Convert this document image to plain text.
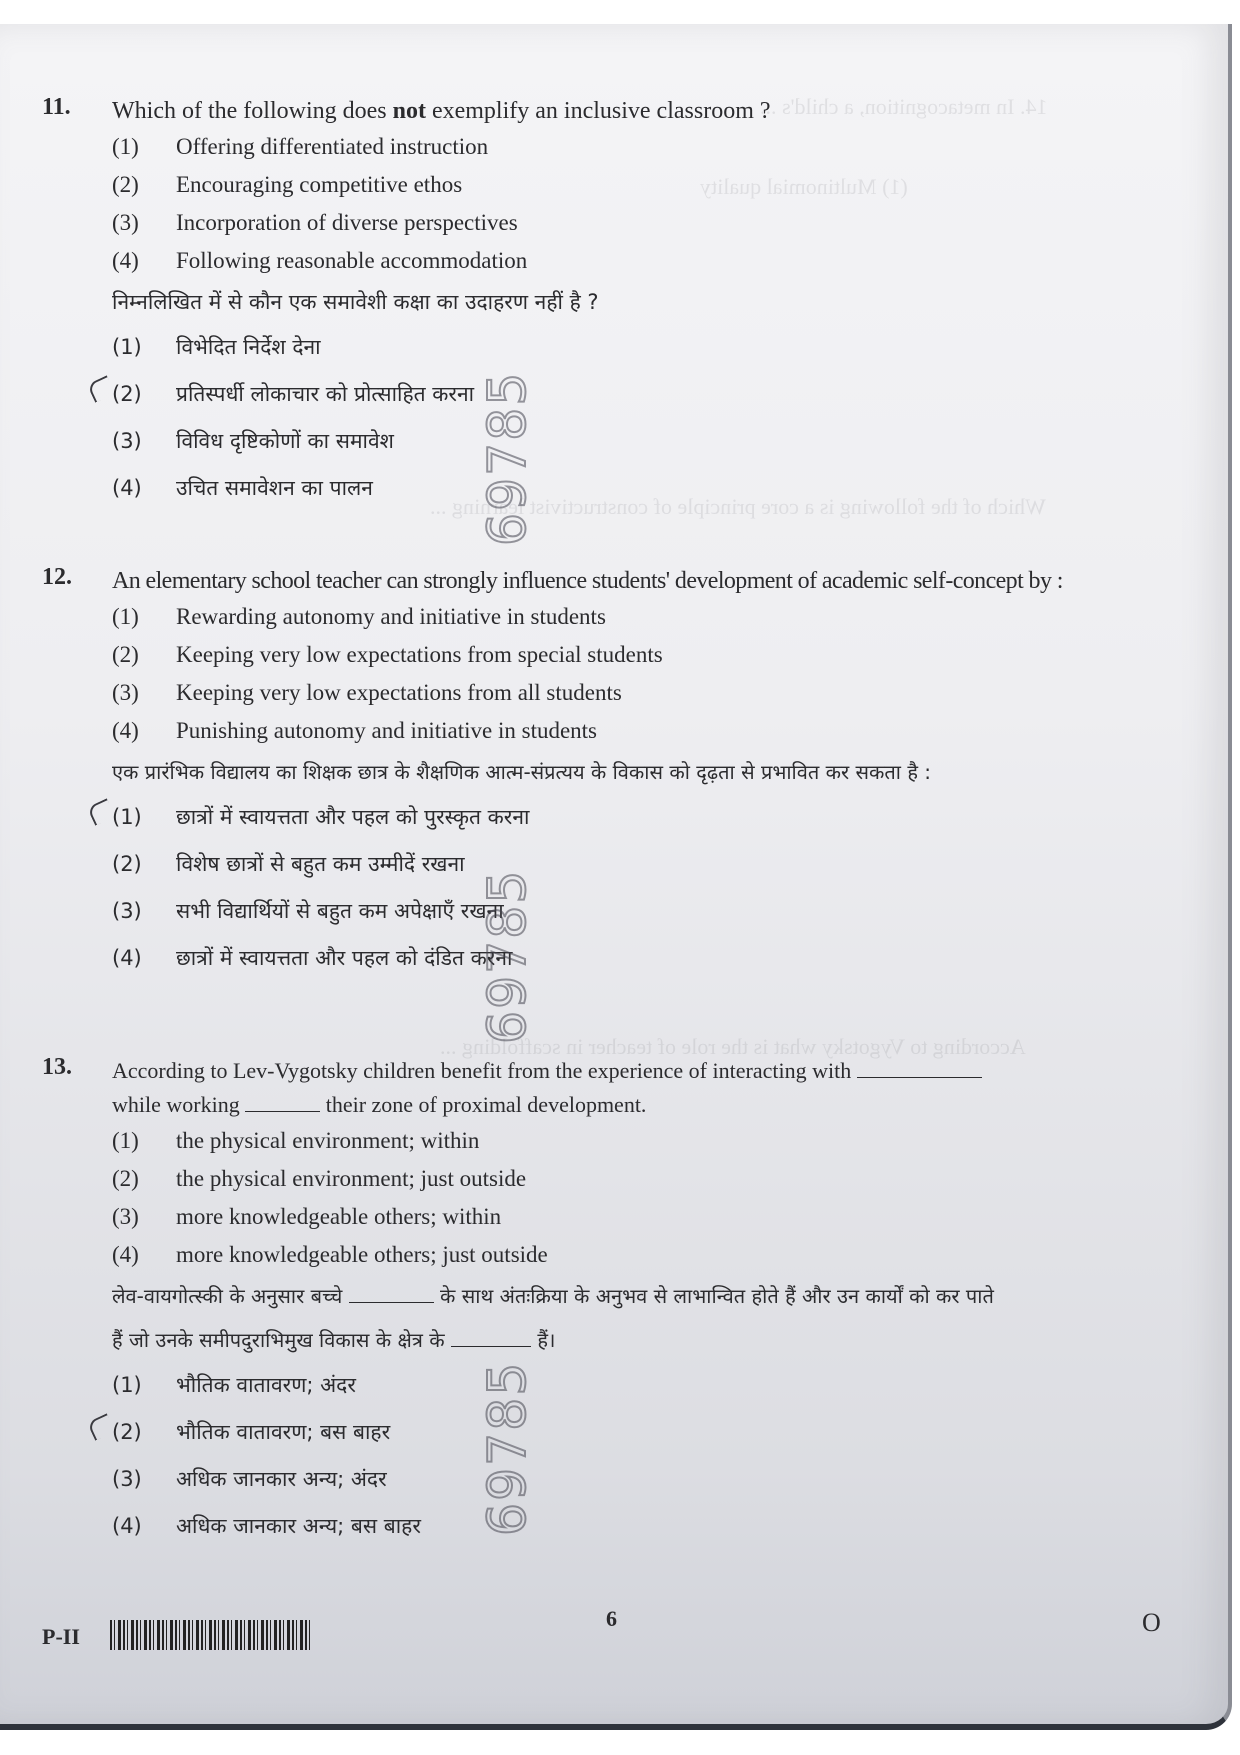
14. In metacognition, a child's ...
(1) Multinomial quality
Which of the following is a core principle of constructivist learning ...
According to Vygotsky what is the role of teacher in scaffolding ...
11. Which of the following does not exemplify an inclusive classroom ?
(1)	Offering differentiated instruction
(2)	Encouraging competitive ethos
(3)	Incorporation of diverse perspectives
(4)	Following reasonable accommodation
निम्नलिखित में से कौन एक समावेशी कक्षा का उदाहरण नहीं है ?
(1)	विभेदित निर्देश देना
(2)	प्रतिस्पर्धी लोकाचार को प्रोत्साहित करना
(3)	विविध दृष्टिकोणों का समावेश
(4)	उचित समावेशन का पालन
12. An elementary school teacher can strongly influence students' development of academic self-concept by :
(1)	Rewarding autonomy and initiative in students
(2)	Keeping very low expectations from special students
(3)	Keeping very low expectations from all students
(4)	Punishing autonomy and initiative in students
एक प्रारंभिक विद्यालय का शिक्षक छात्र के शैक्षणिक आत्म-संप्रत्यय के विकास को दृढ़ता से प्रभावित कर सकता है :
(1)	छात्रों में स्वायत्तता और पहल को पुरस्कृत करना
(2)	विशेष छात्रों से बहुत कम उम्मीदें रखना
(3)	सभी विद्यार्थियों से बहुत कम अपेक्षाएँ रखना
(4)	छात्रों में स्वायत्तता और पहल को दंडित करना
13. According to Lev-Vygotsky children benefit from the experience of interacting with
while working	their zone of proximal development.
(1)	the physical environment; within
(2)	the physical environment; just outside
(3)	more knowledgeable others; within
(4)	more knowledgeable others; just outside
लेव-वायगोत्स्की के अनुसार बच्चे	के साथ अंतःक्रिया के अनुभव से लाभान्वित होते हैं और उन कार्यों को कर पाते
हैं जो उनके समीपदुराभिमुख विकास के क्षेत्र के	हैं।
(1)	भौतिक वातावरण; अंदर
(2)	भौतिक वातावरण; बस बाहर
(3)	अधिक जानकार अन्य; अंदर
(4)	अधिक जानकार अन्य; बस बाहर
69785
69785
69785
P-II
6	O
